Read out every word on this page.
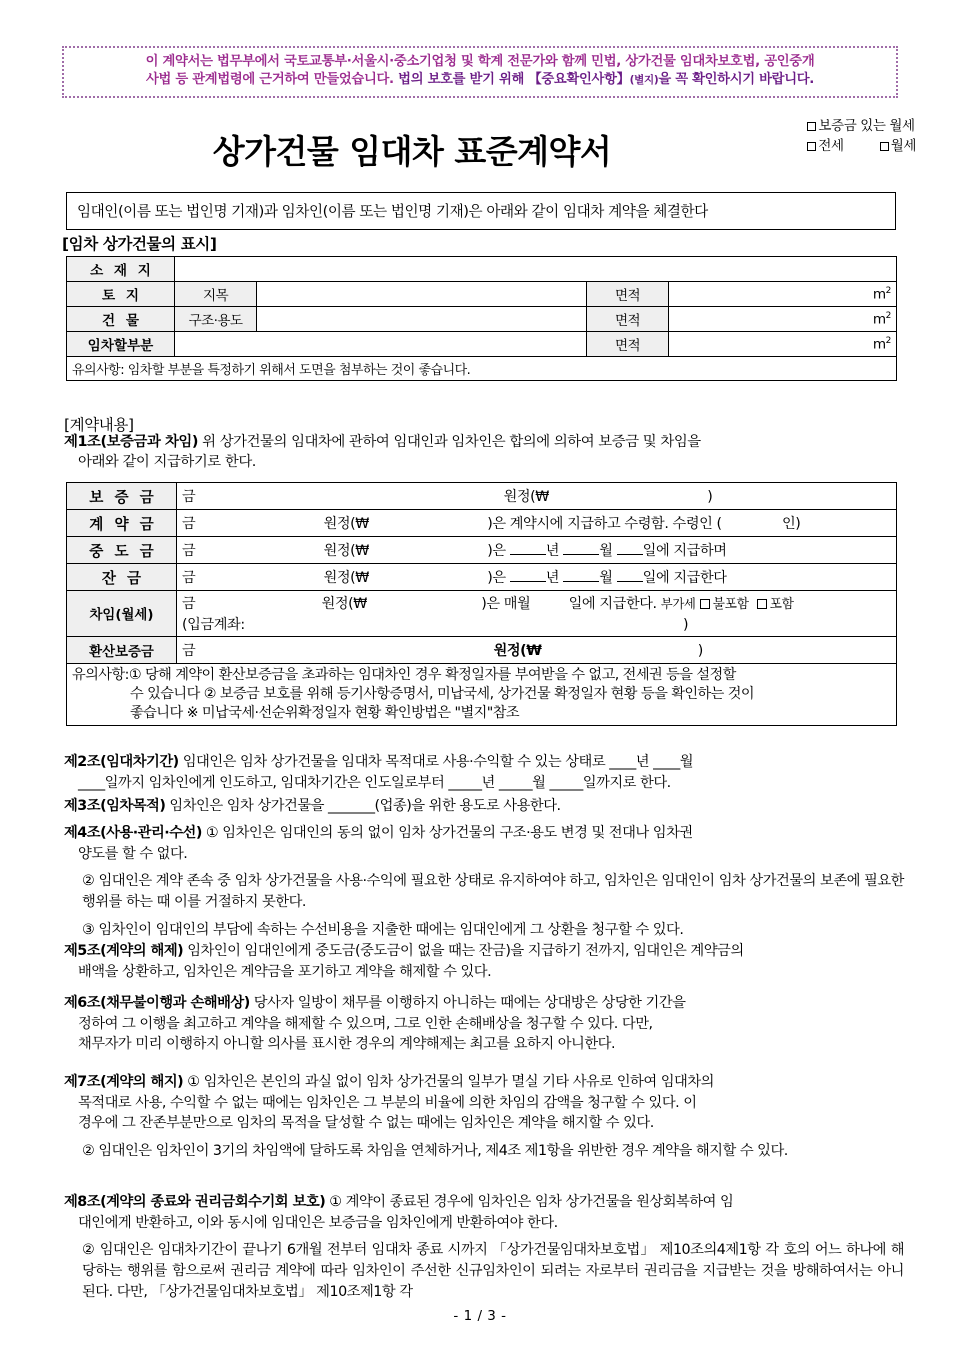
이 계약서는 법무부에서 국토교통부·서울시·중소기업청 및 학계 전문가와 함께 민법, 상가건물 임대차보호법, 공인중개
사법 등 관계법령에 근거하여 만들었습니다. 법의 보호를 받기 위해 【중요확인사항】(별지)을 꼭 확인하시기 바랍니다.
상가건물 임대차 표준계약서
보증금 있는 월세
전세	월세
임대인(이름 또는 법인명 기재)과 임차인(이름 또는 법인명 기재)은 아래와 같이 임대차 계약을 체결한다
[임차 상가건물의 표시]
소 재 지				
토 지	지목		면적	$m^2$
건 물	구조·용도		면적	$m^2$
임차할부분			면적	$m^2$
유의사항: 임차할 부분을 특정하기 위해서 도면을 첨부하는 것이 좋습니다.				
[계약내용]
제1조(보증금과 차임) 위 상가건물의 임대차에 관하여 임대인과 임차인은 합의에 의하여 보증금 및 차임을
아래와 같이 지급하기로 한다.
보 증 금	금 원정(₩ )
계 약 금	금 원정(₩ )은 계약시에 지급하고 수령함. 수령인 ( 인)
중 도 금	금 원정(₩ )은 년 월 일에 지급하며
잔 금	금 원정(₩ )은 년 월 일에 지급한다
차임(월세)	금 원정(₩ )은 매월 일에 지급한다. 부가세 불포함 포함
(입금계좌: )

환산보증금	금 원정(₩ )
유의사항:① 당해 계약이 환산보증금을 초과하는 임대차인 경우 확정일자를 부여받을 수 없고, 전세권 등을 설정할
수 있습니다 ② 보증금 보호를 위해 등기사항증명서, 미납국세, 상가건물 확정일자 현황 등을 확인하는 것이
좋습니다 ※ 미납국세·선순위확정일자 현황 확인방법은 "별지"참조	
제2조(임대차기간) 임대인은 임차 상가건물을 임대차 목적대로 사용·수익할 수 있는 상태로 ____년 ____월
____일까지 임차인에게 인도하고, 임대차기간은 인도일로부터 _____년 _____월 _____일까지로 한다.
제3조(임차목적) 임차인은 임차 상가건물을 _______(업종)을 위한 용도로 사용한다.
제4조(사용·관리·수선) ① 임차인은 임대인의 동의 없이 임차 상가건물의 구조·용도 변경 및 전대나 임차권
양도를 할 수 없다.
② 임대인은 계약 존속 중 임차 상가건물을 사용·수익에 필요한 상태로 유지하여야 하고, 임차인은 임대인이 임차 상가건물의 보존에 필요한 행위를 하는 때 이를 거절하지 못한다.
③ 임차인이 임대인의 부담에 속하는 수선비용을 지출한 때에는 임대인에게 그 상환을 청구할 수 있다.
제5조(계약의 해제) 임차인이 임대인에게 중도금(중도금이 없을 때는 잔금)을 지급하기 전까지, 임대인은 계약금의
배액을 상환하고, 임차인은 계약금을 포기하고 계약을 해제할 수 있다.
제6조(채무불이행과 손해배상) 당사자 일방이 채무를 이행하지 아니하는 때에는 상대방은 상당한 기간을
정하여 그 이행을 최고하고 계약을 해제할 수 있으며, 그로 인한 손해배상을 청구할 수 있다. 다만,
채무자가 미리 이행하지 아니할 의사를 표시한 경우의 계약해제는 최고를 요하지 아니한다.
제7조(계약의 해지) ① 임차인은 본인의 과실 없이 임차 상가건물의 일부가 멸실 기타 사유로 인하여 임대차의
목적대로 사용, 수익할 수 없는 때에는 임차인은 그 부분의 비율에 의한 차임의 감액을 청구할 수 있다. 이
경우에 그 잔존부분만으로 임차의 목적을 달성할 수 없는 때에는 임차인은 계약을 해지할 수 있다.
② 임대인은 임차인이 3기의 차임액에 달하도록 차임을 연체하거나, 제4조 제1항을 위반한 경우 계약을 해지할 수 있다.
제8조(계약의 종료와 권리금회수기회 보호) ① 계약이 종료된 경우에 임차인은 임차 상가건물을 원상회복하여 임
대인에게 반환하고, 이와 동시에 임대인은 보증금을 임차인에게 반환하여야 한다.
② 임대인은 임대차기간이 끝나기 6개월 전부터 임대차 종료 시까지 「상가건물임대차보호법」 제10조의4제1항 각 호의 어느 하나에 해당하는 행위를 함으로써 권리금 계약에 따라 임차인이 주선한 신규임차인이 되려는 자로부터 권리금을 지급받는 것을 방해하여서는 아니 된다. 다만, 「상가건물임대차보호법」 제10조제1항 각
- 1 / 3 -
